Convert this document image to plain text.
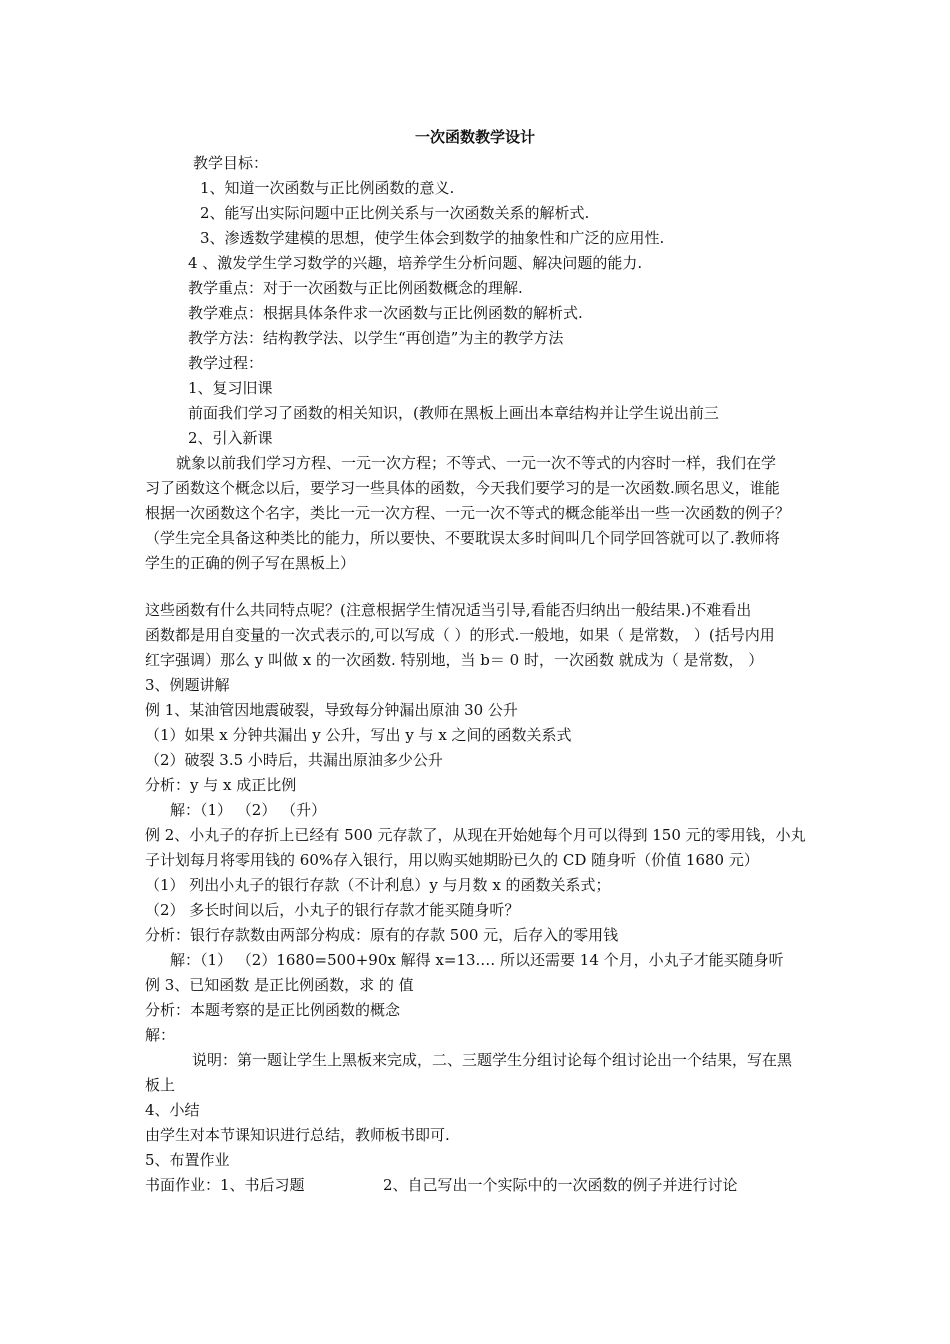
一次函数教学设计
教学目标：
1、知道一次函数与正比例函数的意义.
2、能写出实际问题中正比例关系与一次函数关系的解析式.
3、渗透数学建模的思想，使学生体会到数学的抽象性和广泛的应用性.
4 、激发学生学习数学的兴趣，培养学生分析问题、解决问题的能力.
教学重点：对于一次函数与正比例函数概念的理解.
教学难点：根据具体条件求一次函数与正比例函数的解析式.
教学方法：结构教学法、以学生“再创造”为主的教学方法
教学过程：
1、复习旧课
前面我们学习了函数的相关知识，(教师在黑板上画出本章结构并让学生说出前三
2、引入新课
就象以前我们学习方程、一元一次方程；不等式、一元一次不等式的内容时一样，我们在学
习了函数这个概念以后，要学习一些具体的函数，今天我们要学习的是一次函数.顾名思义，谁能
根据一次函数这个名字，类比一元一次方程、一元一次不等式的概念能举出一些一次函数的例子？
（学生完全具备这种类比的能力，所以要快、不要耽误太多时间叫几个同学回答就可以了.教师将
学生的正确的例子写在黑板上）
这些函数有什么共同特点呢？(注意根据学生情况适当引导,看能否归纳出一般结果.)不难看出
函数都是用自变量的一次式表示的,可以写成（ ）的形式.一般地，如果（ 是常数， ）(括号内用
红字强调）那么 y 叫做 x 的一次函数. 特别地，当 b＝ 0 时，一次函数 就成为（ 是常数， ）
3、例题讲解
例 1、某油管因地震破裂，导致每分钟漏出原油 30 公升
（1）如果 x 分钟共漏出 y 公升，写出 y 与 x 之间的函数关系式
（2）破裂 3.5 小時后，共漏出原油多少公升
分析：y 与 x 成正比例
解：（1） （2） （升）
例 2、小丸子的存折上已经有 500 元存款了，从现在开始她每个月可以得到 150 元的零用钱，小丸
子计划每月将零用钱的 60%存入银行，用以购买她期盼已久的 CD 随身听（价值 1680 元）
（1） 列出小丸子的银行存款（不计利息）y 与月数 x 的函数关系式；
（2） 多长时间以后，小丸子的银行存款才能买随身听？
分析：银行存款数由两部分构成：原有的存款 500 元，后存入的零用钱
解：（1） （2）1680=500+90x 解得 x=13.… 所以还需要 14 个月，小丸子才能买随身听
例 3、已知函数 是正比例函数，求 的 值
分析：本题考察的是正比例函数的概念
解：
说明：第一题让学生上黑板来完成，二、三题学生分组讨论每个组讨论出一个结果，写在黑
板上
4、小结
由学生对本节课知识进行总结，教师板书即可.
5、布置作业
书面作业：1、书后习题	2、自己写出一个实际中的一次函数的例子并进行讨论
